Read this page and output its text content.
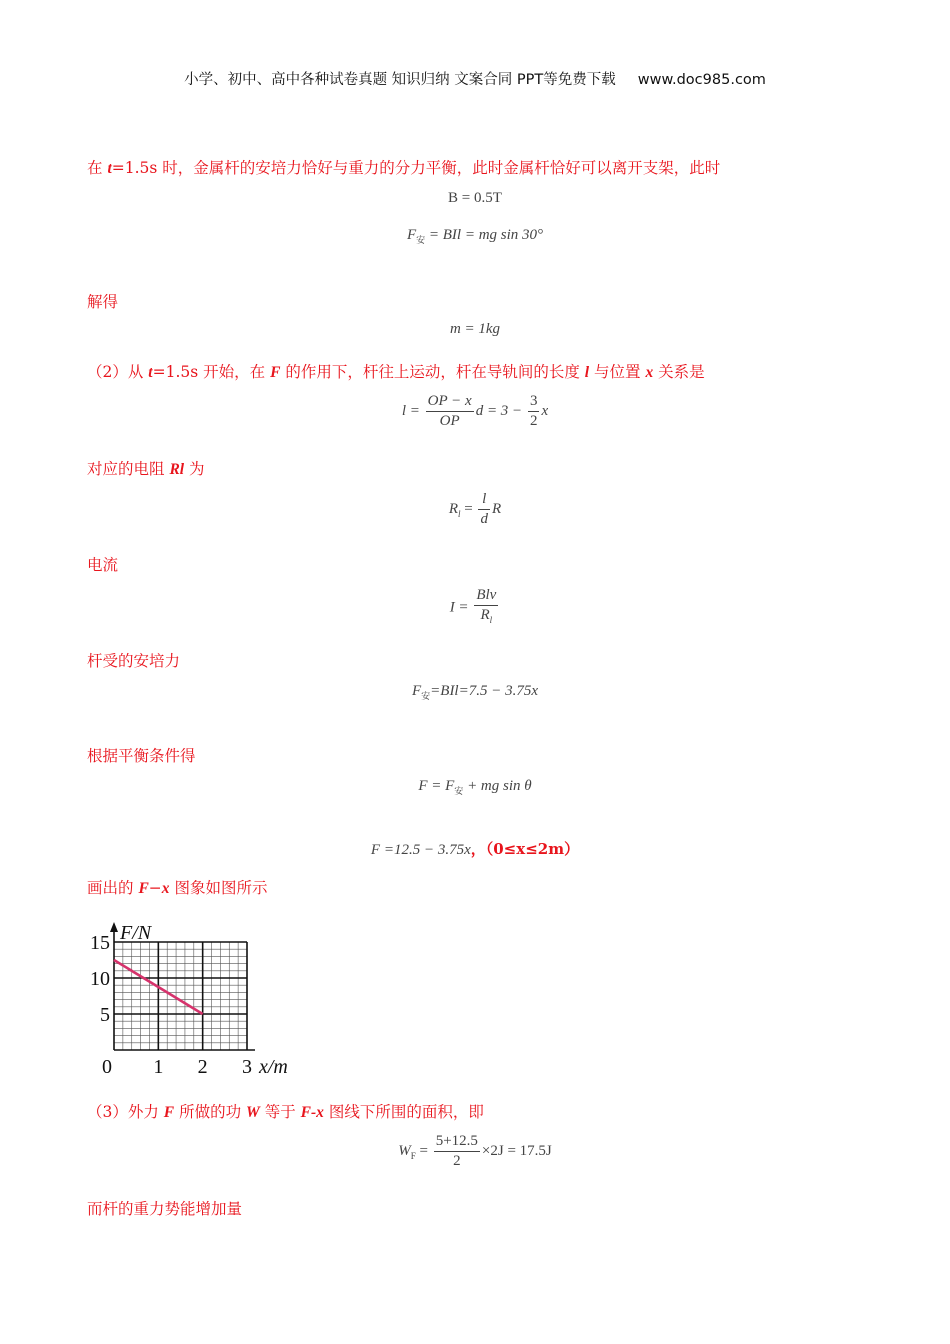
小学、初中、高中各种试卷真题 知识归纳 文案合同 PPT等免费下载 www.doc985.com
在 t=1.5s 时，金属杆的安培力恰好与重力的分力平衡，此时金属杆恰好可以离开支架，此时
B = 0.5T
$F_安$ = BIl = mg sin 30°
解得
m = 1kg
（2）从 t=1.5s 开始，在 F 的作用下，杆往上运动，杆在导轨间的长度 l 与位置 x 关系是
$l = \frac{OP - x}{OP}$ $d = 3 - \frac{3}{2}$ x
对应的电阻 Rl 为
$R_l = \frac{l}{d}$ R
电流
$I = \frac{\text{Blv}}{R_l}$
杆受的安培力
$F_安=BIl=7.5 - 3.75x$
根据平衡条件得
$F = F_安$ + mg sin θ
F =12.5 − 3.75x，（0≤x≤2m）
画出的 F−x 图象如图所示
0 1 2 3
5
10
15 F/N
x/m
（3）外力 F 所做的功 W 等于 F-x 图线下所围的面积，即
$W_F = \frac{5+12.5}{2} \times 2J = 17.5J$
而杆的重力势能增加量
